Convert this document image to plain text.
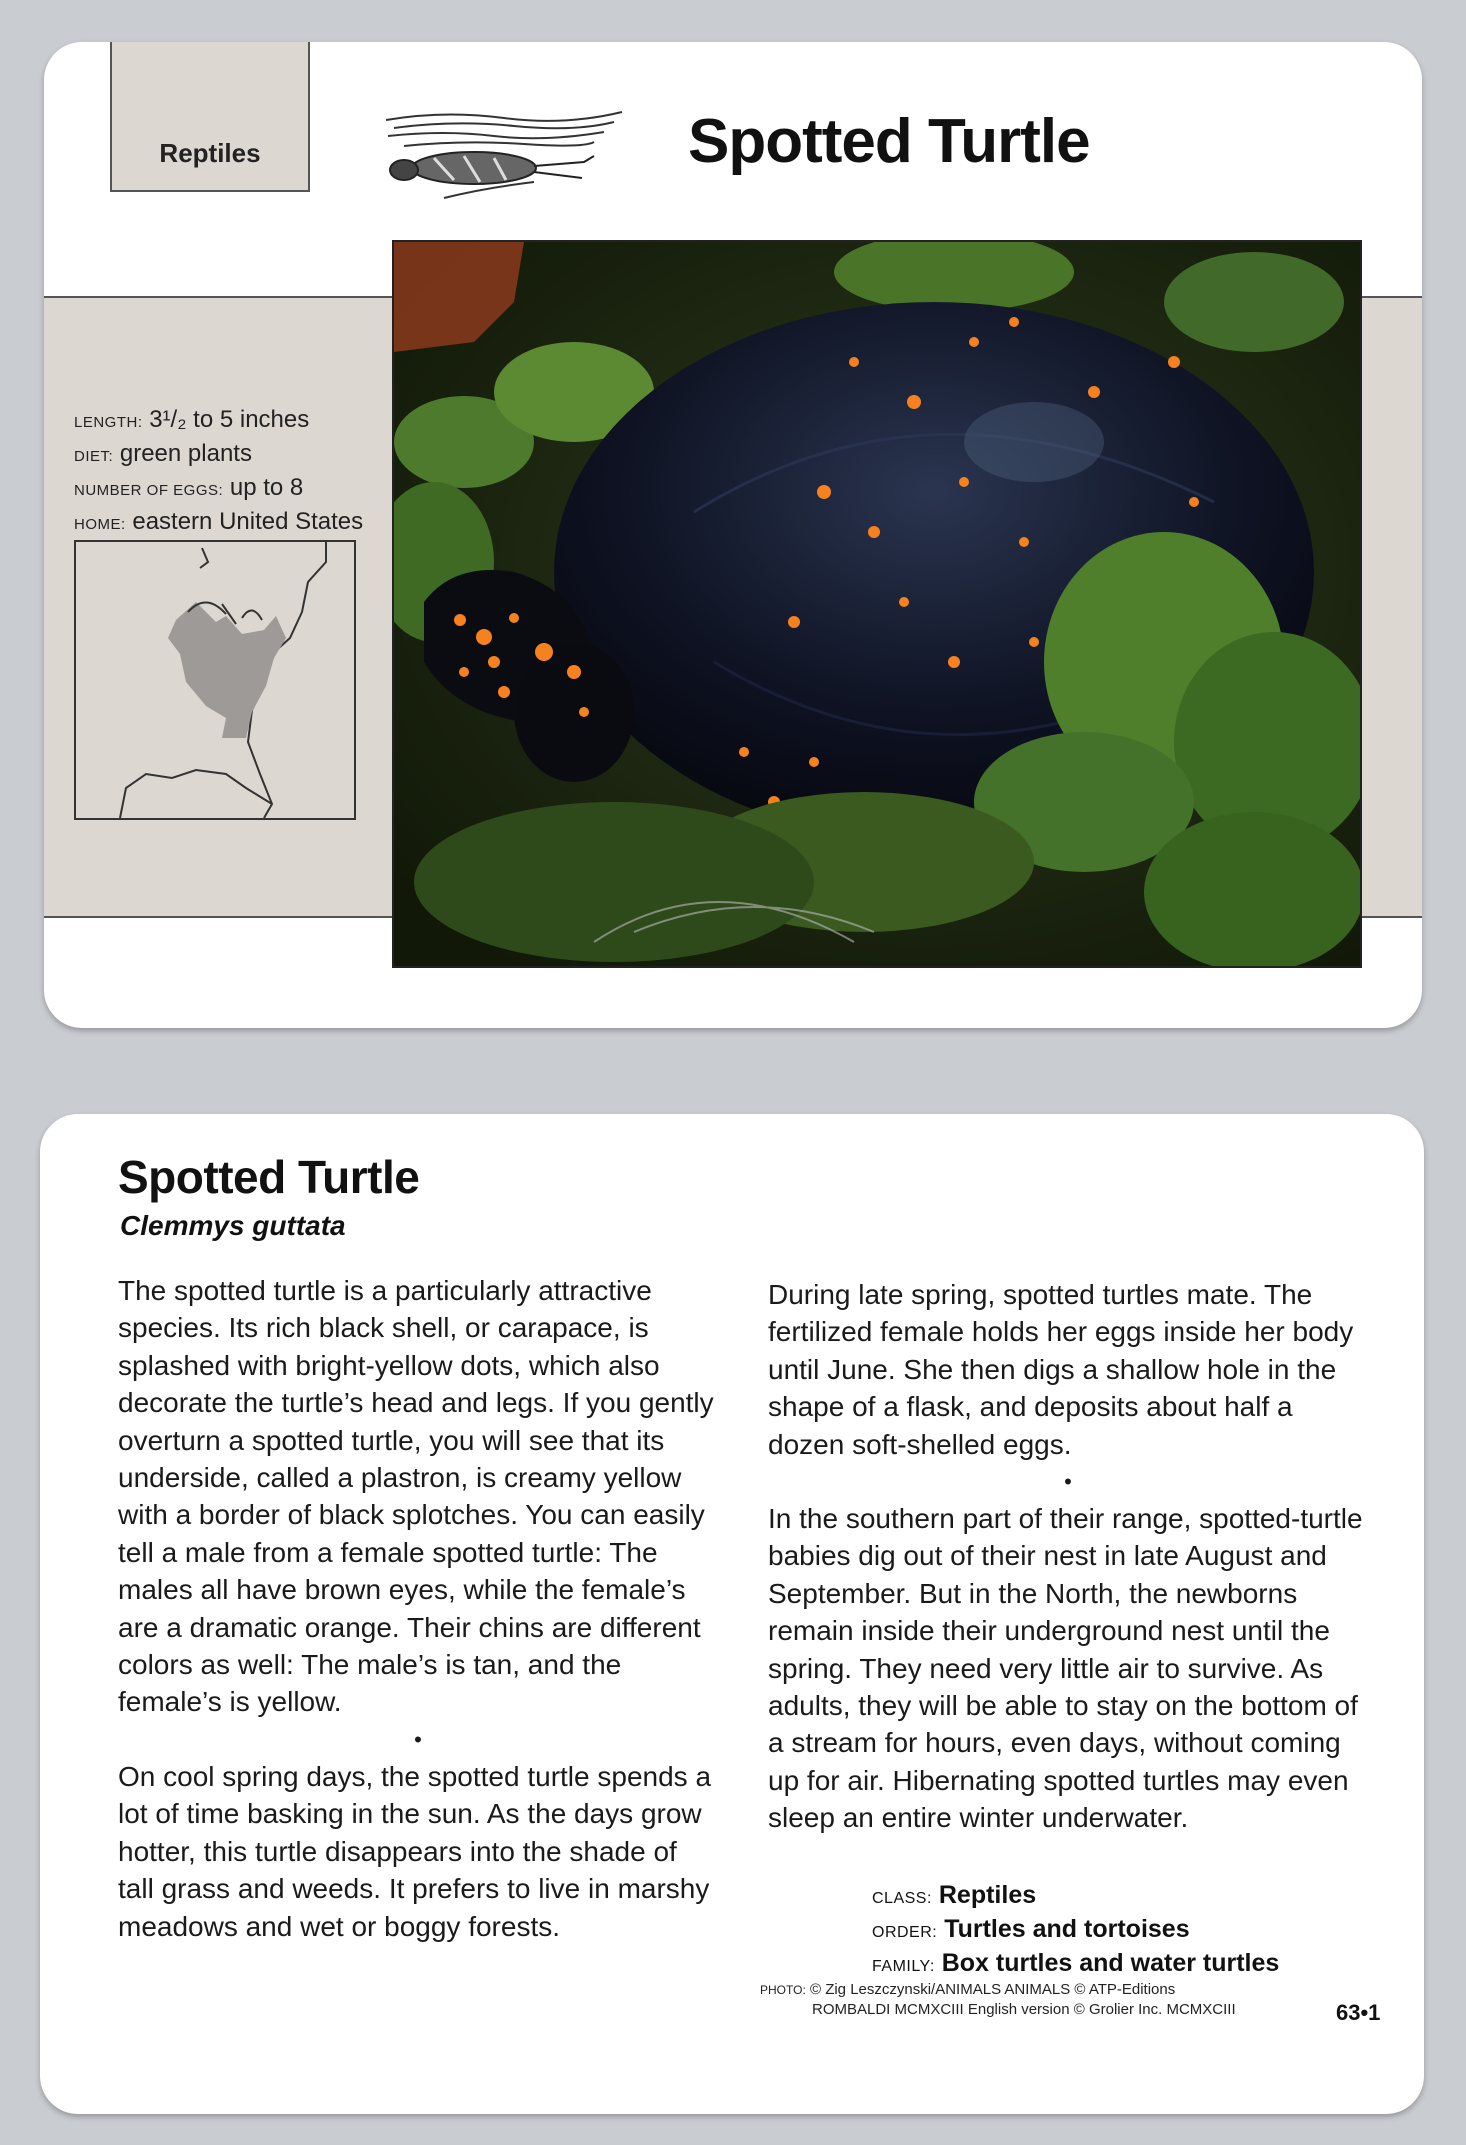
Reptiles	Spotted Turtle
LENGTH: 3¹/₂ to 5 inches
DIET: green plants
NUMBER OF EGGS: up to 8
HOME: eastern United States
Spotted Turtle
Clemmys guttata

The spotted turtle is a particularly attractive species. Its rich black shell, or carapace, is splashed with bright-yellow dots, which also decorate the turtle’s head and legs. If you gently overturn a spotted turtle, you will see that its underside, called a plastron, is creamy yellow with a border of black splotches. You can easily tell a male from a female spotted turtle: The males all have brown eyes, while the female’s are a dramatic orange. Their chins are different colors as well: The male’s is tan, and the female’s is yellow.

•

On cool spring days, the spotted turtle spends a lot of time basking in the sun. As the days grow hotter, this turtle disappears into the shade of tall grass and weeds. It prefers to live in marshy meadows and wet or boggy forests.

During late spring, spotted turtles mate. The fertilized female holds her eggs inside her body until June. She then digs a shallow hole in the shape of a flask, and deposits about half a dozen soft-shelled eggs.

•

In the southern part of their range, spotted-turtle babies dig out of their nest in late August and September. But in the North, the newborns remain inside their underground nest until the spring. They need very little air to survive. As adults, they will be able to stay on the bottom of a stream for hours, even days, without coming up for air. Hibernating spotted turtles may even sleep an entire winter underwater.

CLASS: Reptiles
ORDER: Turtles and tortoises
FAMILY: Box turtles and water turtles
PHOTO: © Zig Leszczynski/ANIMALS ANIMALS © ATP-Editions
ROMBALDI MCMXCIII English version © Grolier Inc. MCMXCIII	63•1
